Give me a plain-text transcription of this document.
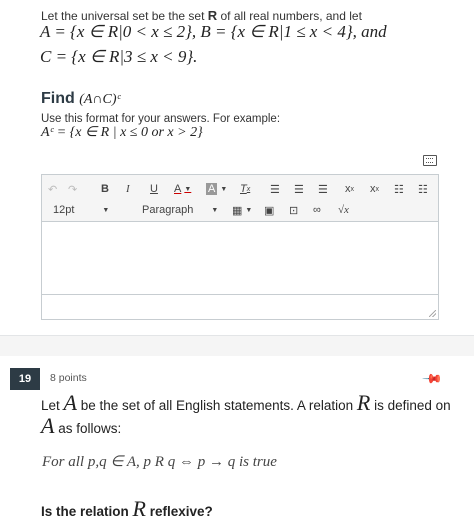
Let the universal set be the set R of all real numbers, and let
A = {x ∈ R|0 < x ≤ 2}, B = {x ∈ R|1 ≤ x < 4}, and
C = {x ∈ R|3 ≤ x < 9}.
Find (A∩C)ᶜ
Use this format for your answers. For example:
Aᶜ = {x ∈ R | x ≤ 0 or x > 2}
↶ ↷ B I U A ▼ A ▼ T x ☰ ☰ ☰ x x x x ☷ ☷
12pt	▼	Paragraph	▼ ▦ ▼ ▣ ⊡ ∞ √x
19	8 points	📌
Let A be the set of all English statements. A relation R is defined on
A as follows:
For all p,q ∈ A, p R q ⇔ p → q is true
Is the relation R reflexive?
